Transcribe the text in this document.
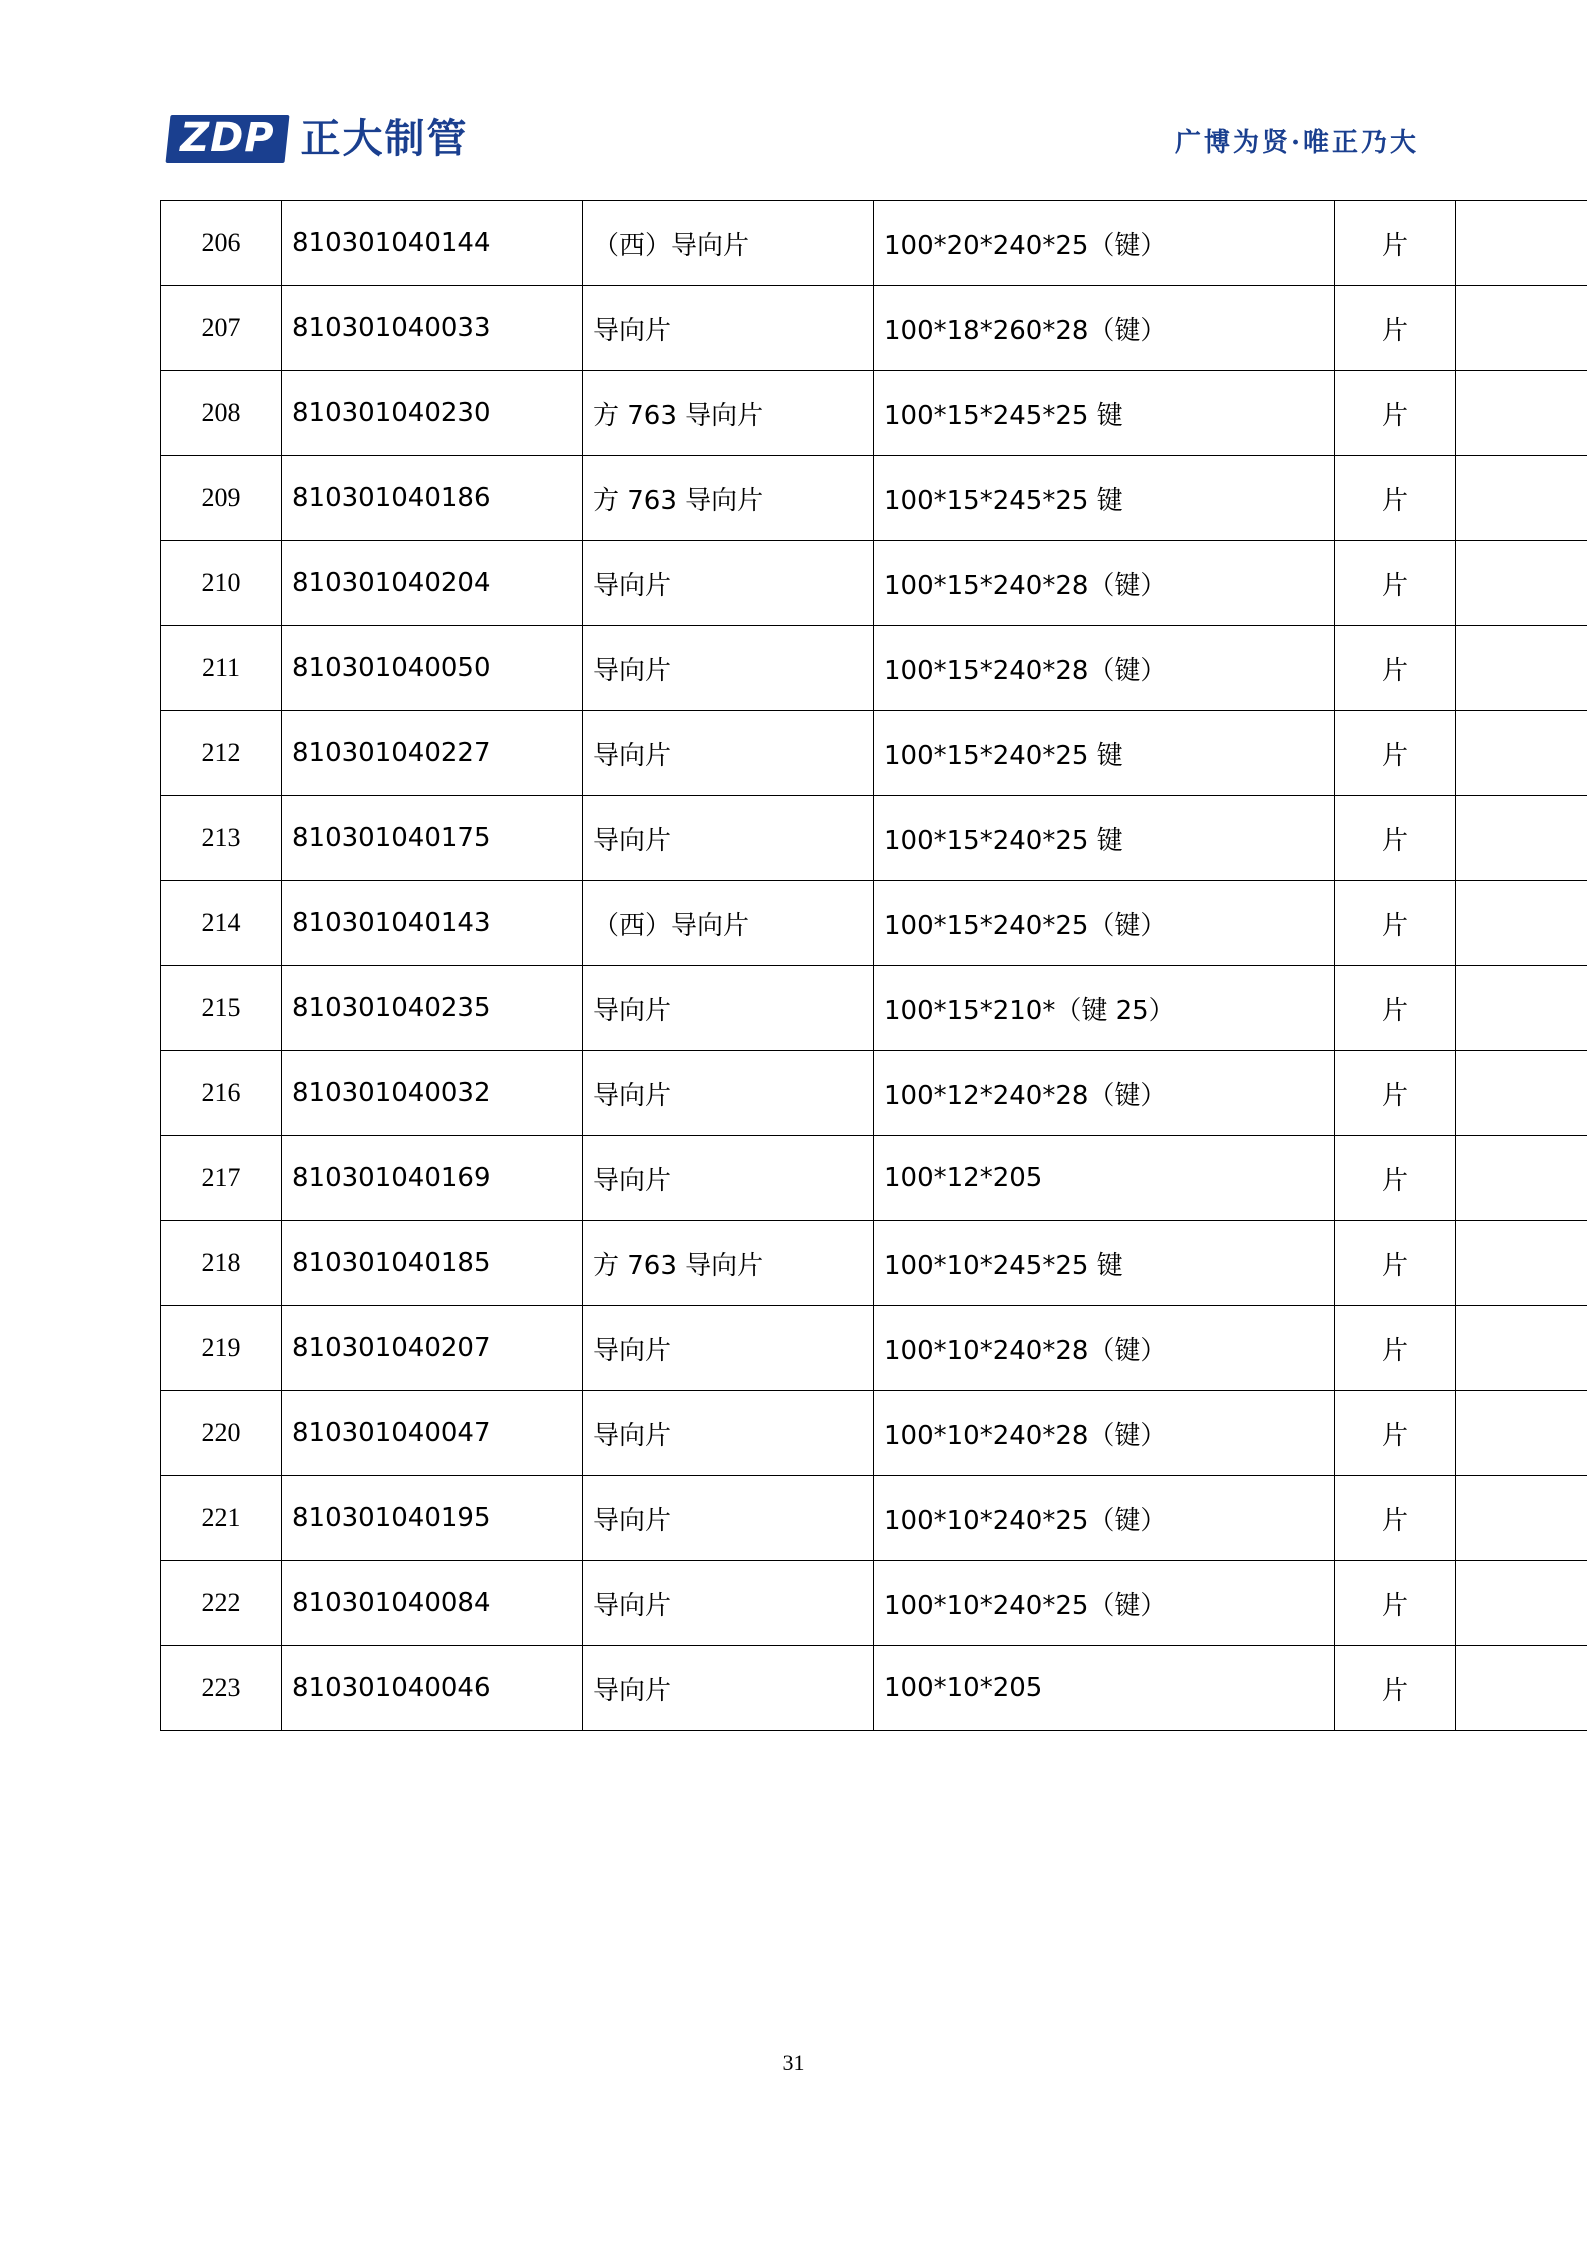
ZDP 正大制管	广博为贤·唯正乃大
206	810301040144	（西）导向片	100*20*240*25（键）	片	
207	810301040033	导向片	100*18*260*28（键）	片	
208	810301040230	方 763 导向片	100*15*245*25 键	片	
209	810301040186	方 763 导向片	100*15*245*25 键	片	
210	810301040204	导向片	100*15*240*28（键）	片	
211	810301040050	导向片	100*15*240*28（键）	片	
212	810301040227	导向片	100*15*240*25 键	片	
213	810301040175	导向片	100*15*240*25 键	片	
214	810301040143	（西）导向片	100*15*240*25（键）	片	
215	810301040235	导向片	100*15*210*（键 25）	片	
216	810301040032	导向片	100*12*240*28（键）	片	
217	810301040169	导向片	100*12*205	片	
218	810301040185	方 763 导向片	100*10*245*25 键	片	
219	810301040207	导向片	100*10*240*28（键）	片	
220	810301040047	导向片	100*10*240*28（键）	片	
221	810301040195	导向片	100*10*240*25（键）	片	
222	810301040084	导向片	100*10*240*25（键）	片	
223	810301040046	导向片	100*10*205	片	
31
